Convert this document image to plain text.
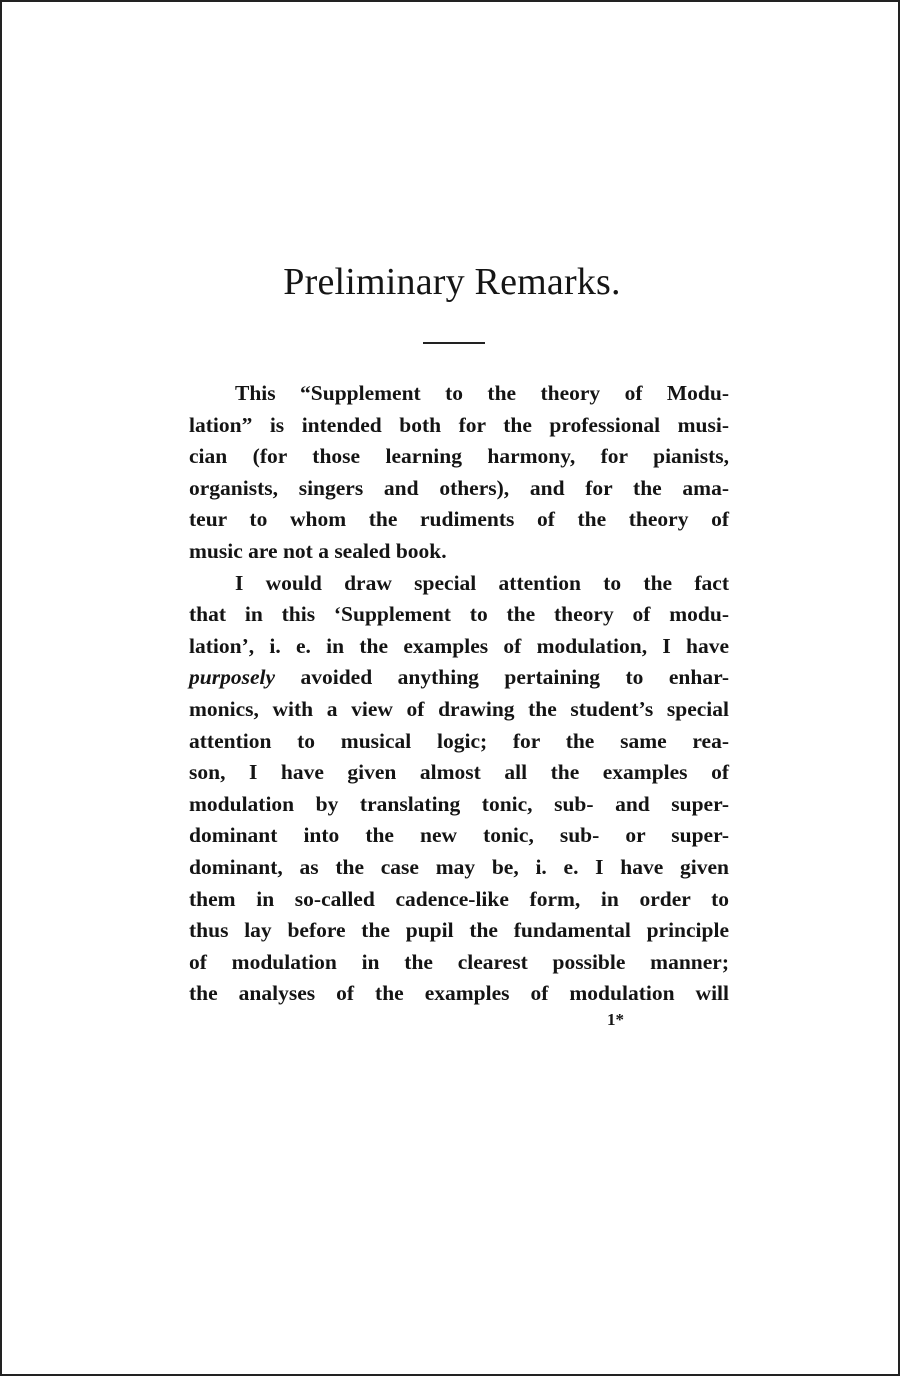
Preliminary Remarks.
This “Supplement to the theory of Modu-
lation” is intended both for the professional musi-
cian (for those learning harmony, for pianists,
organists, singers and others), and for the ama-
teur to whom the rudiments of the theory of
music are not a sealed book.
I would draw special attention to the fact
that in this ‘Supplement to the theory of modu-
lation’, i. e. in the examples of modulation, I have
purposely avoided anything pertaining to enhar-
monics, with a view of drawing the student’s special
attention to musical logic; for the same rea-
son, I have given almost all the examples of
modulation by translating tonic, sub- and super-
dominant into the new tonic, sub- or super-
dominant, as the case may be, i. e. I have given
them in so-called cadence-like form, in order to
thus lay before the pupil the fundamental principle
of modulation in the clearest possible manner;
the analyses of the examples of modulation will
1*
